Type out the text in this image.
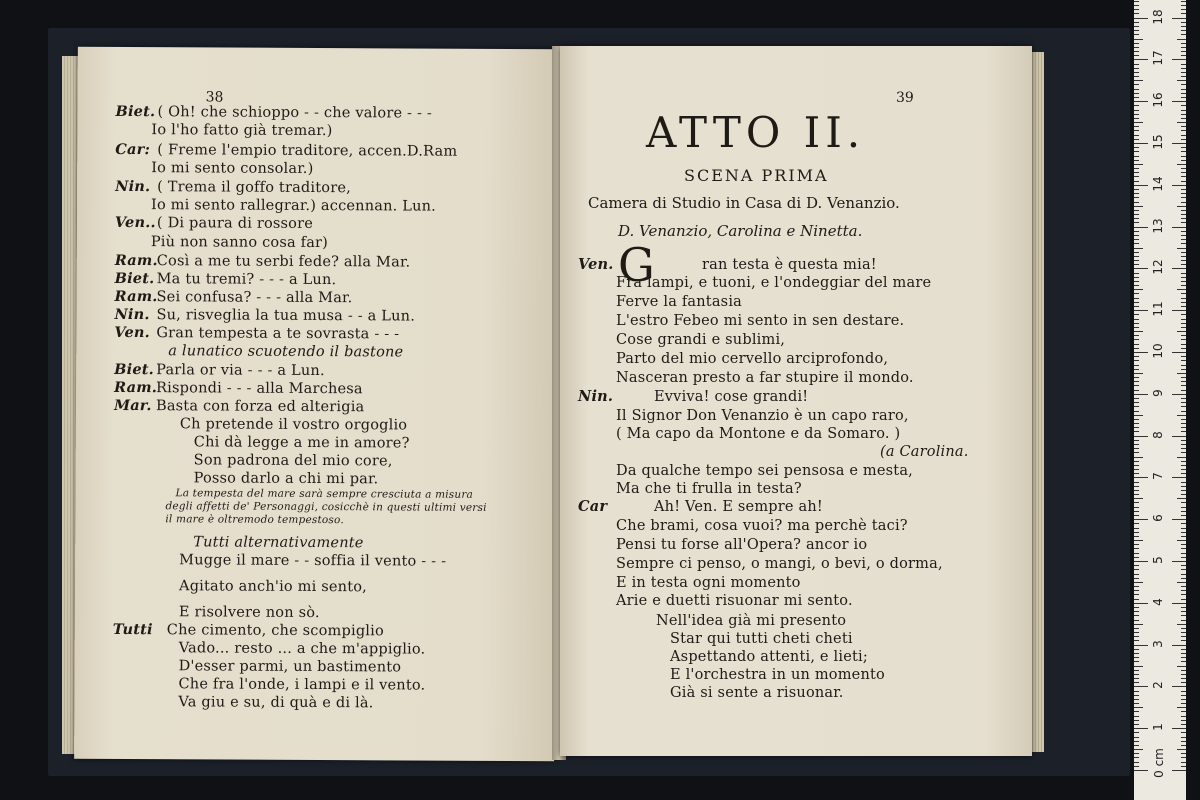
38
Biet. ( Oh! che schioppo - - che valore - - -
Io l'ho fatto già tremar.)
Car: ( Freme l'empio traditore, accen.D.Ram
Io mi sento consolar.)
Nin. ( Trema il goffo traditore,
Io mi sento rallegrar.) accennan. Lun.
Ven.. ( Di paura di rossore
Più non sanno cosa far)
Ram.
Così a me tu serbi fede? alla Mar.
Biet. Ma tu tremi? - - - a Lun.
Ram.
Sei confusa? - - - alla Mar.
Nin. Su, risveglia la tua musa - - a Lun.
Ven. Gran tempesta a te sovrasta - - -
a lunatico scuotendo il bastone
Biet. Parla or via - - - a Lun.
Ram.
Rispondi - - - alla Marchesa
Mar. Basta con forza ed alterigia
Ch pretende il vostro orgoglio
Chi dà legge a me in amore?
Son padrona del mio core,
Posso darlo a chi mi par.
La tempesta del mare sarà sempre cresciuta a misura
degli affetti de' Personaggi, cosicchè in questi ultimi versi
il mare è oltremodo tempestoso.
Tutti alternativamente
Mugge il mare - - soffia il vento - - -
Agitato anch'io mi sento,
E risolvere non sò.
Tutti Che cimento, che scompiglio
Vado... resto ... a che m'appiglio.
D'esser parmi, un bastimento
Che fra l'onde, i lampi e il vento.
Va giu e su, di quà e di là.
39
ATTO II.
SCENA PRIMA
Camera di Studio in Casa di D. Venanzio.
D. Venanzio, Carolina e Ninetta.
G
Ven.	ran testa è questa mia!
Fra lampi, e tuoni, e l'ondeggiar del mare
Ferve la fantasia
L'estro Febeo mi sento in sen destare.
Cose grandi e sublimi,
Parto del mio cervello arciprofondo,
Nasceran presto a far stupire il mondo.
Nin.	Evviva! cose grandi!
Il Signor Don Venanzio è un capo raro,
( Ma capo da Montone e da Somaro. )
(a Carolina.
Da qualche tempo sei pensosa e mesta,
Ma che ti frulla in testa?
Car	Ah! Ven. E sempre ah!
Che brami, cosa vuoi? ma perchè taci?
Pensi tu forse all'Opera? ancor io
Sempre ci penso, o mangi, o bevi, o dorma,
E in testa ogni momento
Arie e duetti risuonar mi sento.
Nell'idea già mi presento
Star qui tutti cheti cheti
Aspettando attenti, e lieti;
E l'orchestra in un momento
Già si sente a risuonar.
0 cm
1
2
3
4
5
6
7
8
9
10
11
12
13
14
15
16
17
18
